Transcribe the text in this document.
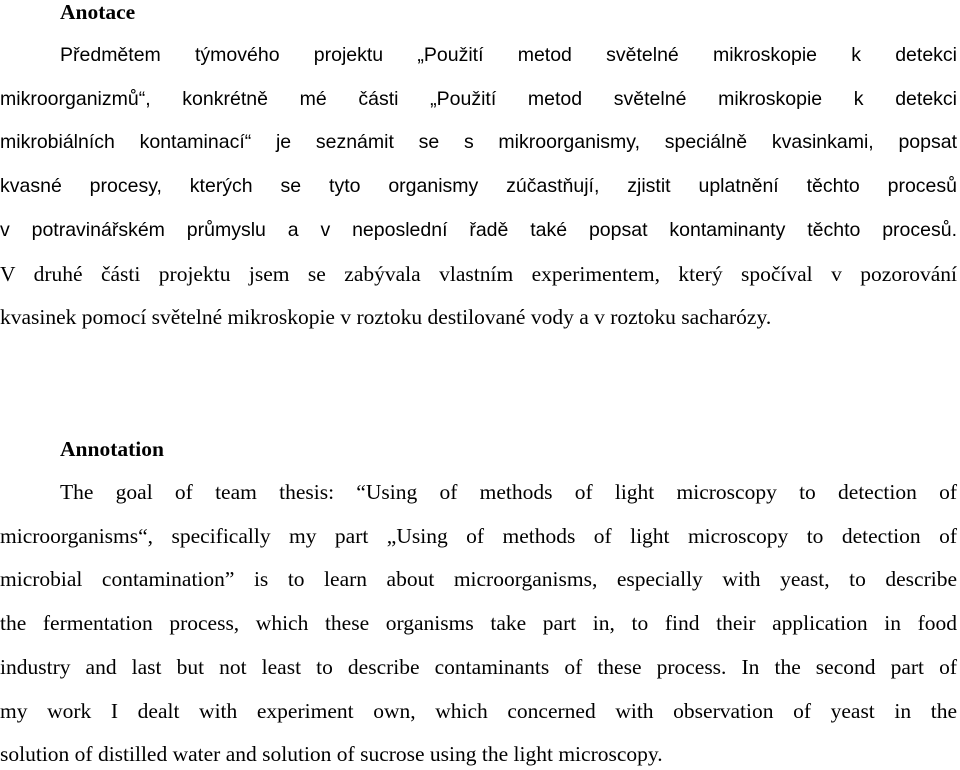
Anotace
Předmětem týmového projektu „Použití metod světelné mikroskopie k detekci
mikroorganizmů“, konkrétně mé části „Použití metod světelné mikroskopie k detekci
mikrobiálních kontaminací“ je seznámit se s mikroorganismy, speciálně kvasinkami, popsat
kvasné procesy, kterých se tyto organismy zúčastňují, zjistit uplatnění těchto procesů
v potravinářském průmyslu a v neposlední řadě také popsat kontaminanty těchto procesů.
V druhé části projektu jsem se zabývala vlastním experimentem, který spočíval v pozorování
kvasinek pomocí světelné mikroskopie v roztoku destilované vody a v roztoku sacharózy.
Annotation
The goal of team thesis: “Using of methods of light microscopy to detection of
microorganisms“, specifically my part „Using of methods of light microscopy to detection of
microbial contamination” is to learn about microorganisms, especially with yeast, to describe
the fermentation process, which these organisms take part in, to find their application in food
industry and last but not least to describe contaminants of these process. In the second part of
my work I dealt with experiment own, which concerned with observation of yeast in the
solution of distilled water and solution of sucrose using the light microscopy.
